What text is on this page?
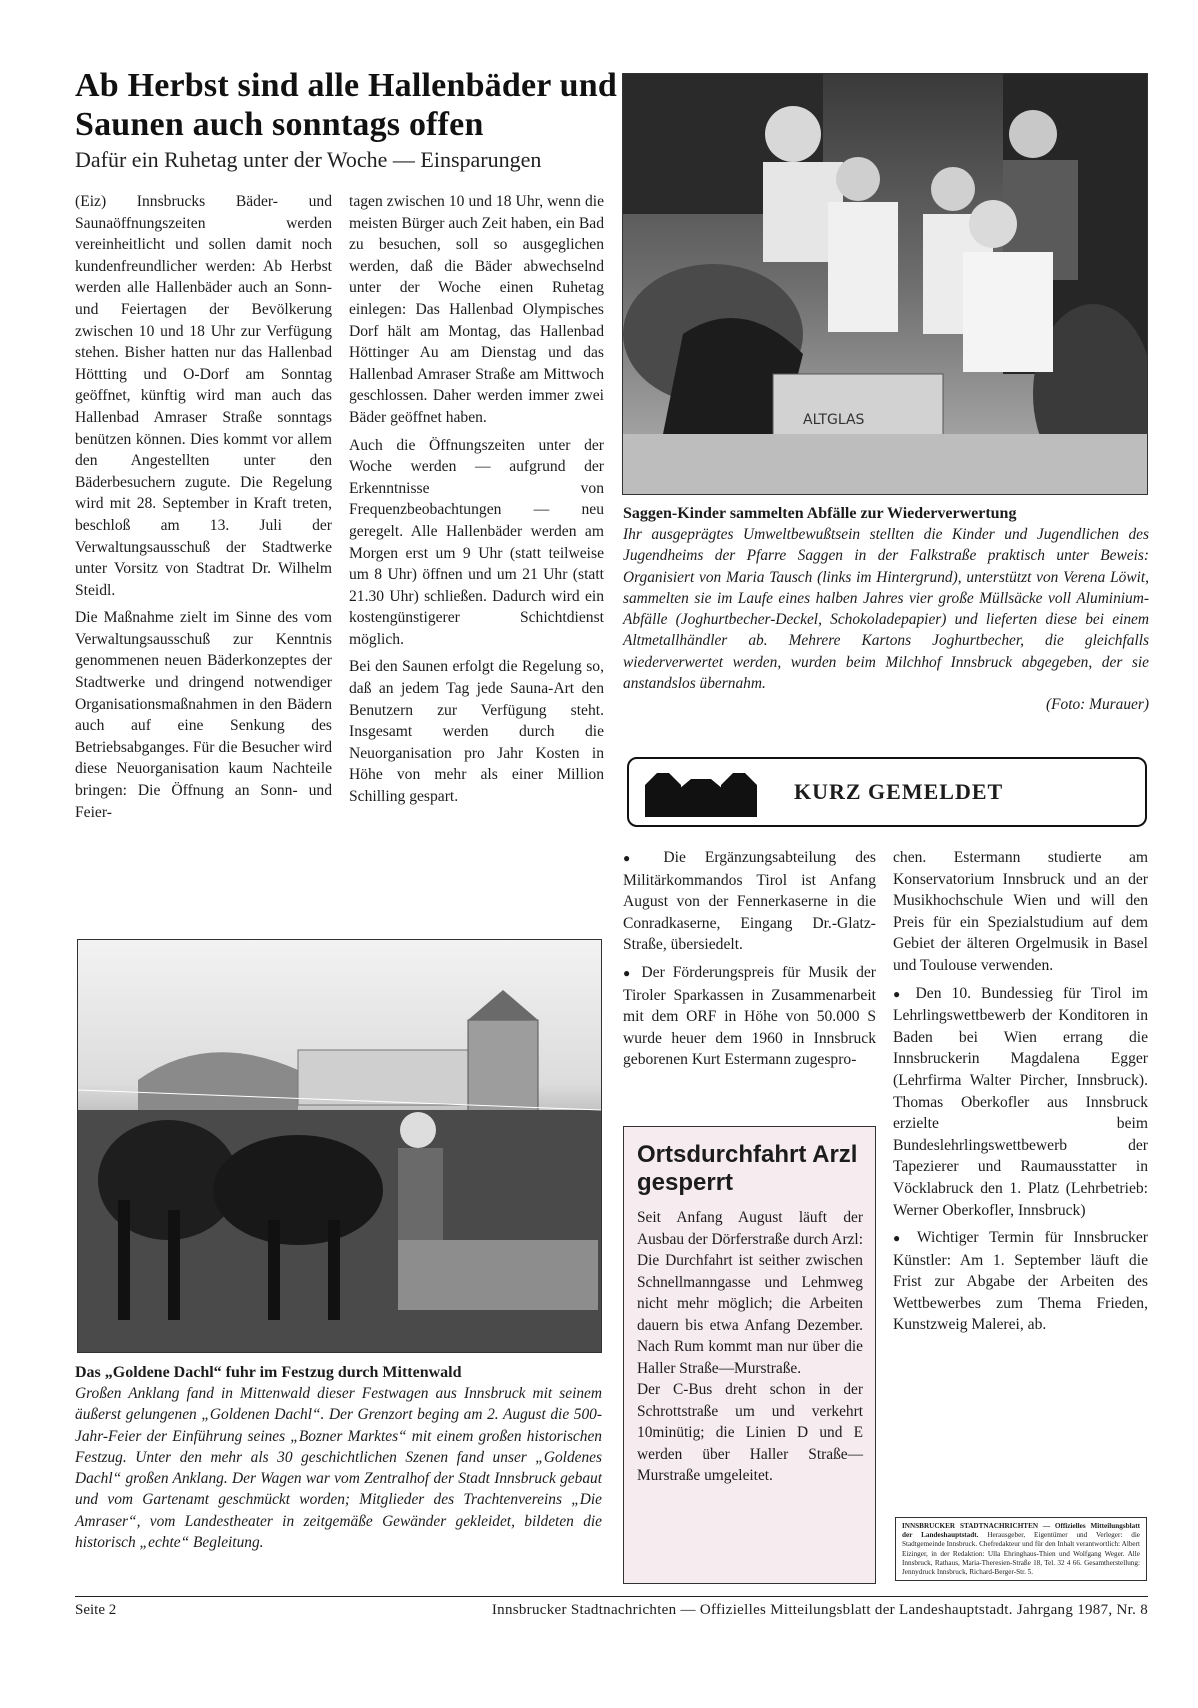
Ab Herbst sind alle Hallenbäder und Saunen auch sonntags offen
Dafür ein Ruhetag unter der Woche — Einsparungen

(Eiz) Innsbrucks Bäder- und Saunaöffnungszeiten werden vereinheitlicht und sollen damit noch kundenfreundlicher werden: Ab Herbst werden alle Hallenbäder auch an Sonn- und Feiertagen der Bevölkerung zwischen 10 und 18 Uhr zur Verfügung stehen. Bisher hatten nur das Hallenbad Höttting und O-Dorf am Sonntag geöffnet, künftig wird man auch das Hallenbad Amraser Straße sonntags benützen können. Dies kommt vor allem den Angestellten unter den Bäderbesuchern zugute. Die Regelung wird mit 28. September in Kraft treten, beschloß am 13. Juli der Verwaltungsausschuß der Stadtwerke unter Vorsitz von Stadtrat Dr. Wilhelm Steidl.

Die Maßnahme zielt im Sinne des vom Verwaltungsausschuß zur Kenntnis genommenen neuen Bäderkonzeptes der Stadtwerke und dringend notwendiger Organisationsmaßnahmen in den Bädern auch auf eine Senkung des Betriebsabganges. Für die Besucher wird diese Neuorganisation kaum Nachteile bringen: Die Öffnung an Sonn- und Feier-

tagen zwischen 10 und 18 Uhr, wenn die meisten Bürger auch Zeit haben, ein Bad zu besuchen, soll so ausgeglichen werden, daß die Bäder abwechselnd unter der Woche einen Ruhetag einlegen: Das Hallenbad Olympisches Dorf hält am Montag, das Hallenbad Höttinger Au am Dienstag und das Hallenbad Amraser Straße am Mittwoch geschlossen. Daher werden immer zwei Bäder geöffnet haben.

Auch die Öffnungszeiten unter der Woche werden — aufgrund der Erkenntnisse von Frequenzbeobachtungen — neu geregelt. Alle Hallenbäder werden am Morgen erst um 9 Uhr (statt teilweise um 8 Uhr) öffnen und um 21 Uhr (statt 21.30 Uhr) schließen. Dadurch wird ein kostengünstigerer Schichtdienst möglich.

Bei den Saunen erfolgt die Regelung so, daß an jedem Tag jede Sauna-Art den Benutzern zur Verfügung steht. Insgesamt werden durch die Neuorganisation pro Jahr Kosten in Höhe von mehr als einer Million Schilling gespart.

ALTGLAS

Saggen-Kinder sammelten Abfälle zur Wiederverwertung

Ihr ausgeprägtes Umweltbewußtsein stellten die Kinder und Jugendlichen des Jugendheims der Pfarre Saggen in der Falkstraße praktisch unter Beweis: Organisiert von Maria Tausch (links im Hintergrund), unterstützt von Verena Löwit, sammelten sie im Laufe eines halben Jahres vier große Müllsäcke voll Aluminium-Abfälle (Joghurtbecher-Deckel, Schokoladepapier) und lieferten diese bei einem Altmetallhändler ab. Mehrere Kartons Joghurtbecher, die gleichfalls wiederverwertet werden, wurden beim Milchhof Innsbruck abgegeben, der sie anstandslos übernahm.
(Foto: Murauer)

KURZ GEMELDET

● Die Ergänzungsabteilung des Militärkommandos Tirol ist Anfang August von der Fennerkaserne in die Conradkaserne, Eingang Dr.-Glatz-Straße, übersiedelt.

● Der Förderungspreis für Musik der Tiroler Sparkassen in Zusammenarbeit mit dem ORF in Höhe von 50.000 S wurde heuer dem 1960 in Innsbruck geborenen Kurt Estermann zugespro-

chen. Estermann studierte am Konservatorium Innsbruck und an der Musikhochschule Wien und will den Preis für ein Spezialstudium auf dem Gebiet der älteren Orgelmusik in Basel und Toulouse verwenden.

● Den 10. Bundessieg für Tirol im Lehrlingswettbewerb der Konditoren in Baden bei Wien errang die Innsbruckerin Magdalena Egger (Lehrfirma Walter Pircher, Innsbruck). Thomas Oberkofler aus Innsbruck erzielte beim Bundeslehrlingswettbewerb der Tapezierer und Raumausstatter in Vöcklabruck den 1. Platz (Lehrbetrieb: Werner Oberkofler, Innsbruck)

● Wichtiger Termin für Innsbrucker Künstler: Am 1. September läuft die Frist zur Abgabe der Arbeiten des Wettbewerbes zum Thema Frieden, Kunstzweig Malerei, ab.

Ortsdurchfahrt Arzl gesperrt

Seit Anfang August läuft der Ausbau der Dörferstraße durch Arzl: Die Durchfahrt ist seither zwischen Schnellmanngasse und Lehmweg nicht mehr möglich; die Arbeiten dauern bis etwa Anfang Dezember. Nach Rum kommt man nur über die Haller Straße—Murstraße.

Der C-Bus dreht schon in der Schrottstraße um und verkehrt 10minütig; die Linien D und E werden über Haller Straße—Murstraße umgeleitet.

INNSBRUCKER STADTNACHRICHTEN — Offizielles Mitteilungsblatt der Landeshauptstadt. Herausgeber, Eigentümer und Verleger: die Stadtgemeinde Innsbruck. Chefredakteur und für den Inhalt verantwortlich: Albert Eizinger, in der Redaktion: Ulla Ehringhaus-Thien und Wolfgang Weger. Alle Innsbruck, Rathaus, Maria-Theresien-Straße 18, Tel. 32 4 66. Gesamtherstellung: Jennydruck Innsbruck, Richard-Berger-Str. 5.

Das „Goldene Dachl“ fuhr im Festzug durch Mittenwald

Großen Anklang fand in Mittenwald dieser Festwagen aus Innsbruck mit seinem äußerst gelungenen „Goldenen Dachl“. Der Grenzort beging am 2. August die 500-Jahr-Feier der Einführung seines „Bozner Marktes“ mit einem großen historischen Festzug. Unter den mehr als 30 geschichtlichen Szenen fand unser „Goldenes Dachl“ großen Anklang. Der Wagen war vom Zentralhof der Stadt Innsbruck gebaut und vom Gartenamt geschmückt worden; Mitglieder des Trachtenvereins „Die Amraser“, vom Landestheater in zeitgemäße Gewänder gekleidet, bildeten die historisch „echte“ Begleitung.

Seite 2	Innsbrucker Stadtnachrichten — Offizielles Mitteilungsblatt der Landeshauptstadt. Jahrgang 1987, Nr. 8
